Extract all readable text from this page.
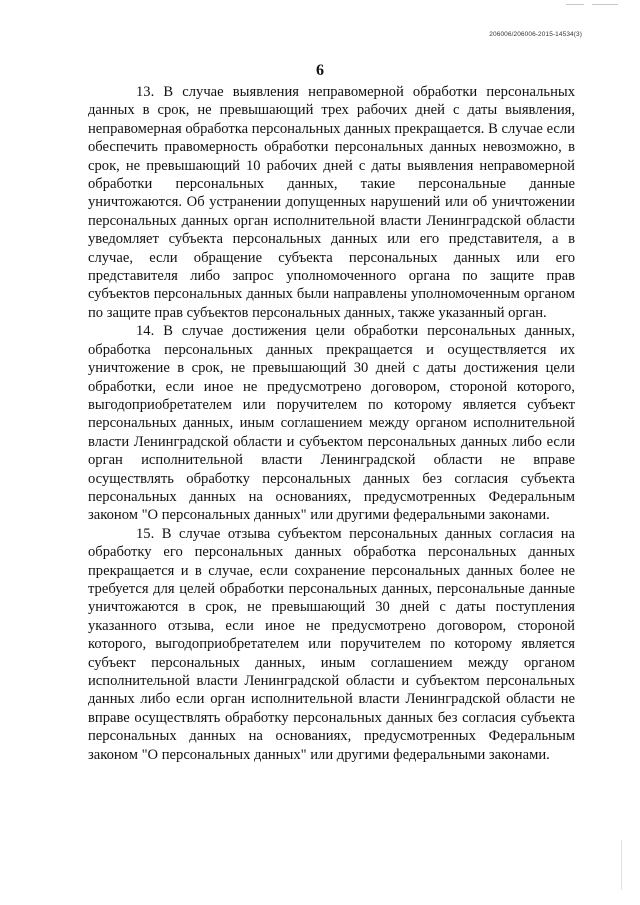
206006/206006-2015-14534(3)
6

13. В случае выявления неправомерной обработки персональных данных в срок, не превышающий трех рабочих дней с даты выявления, неправомерная обработка персональных данных прекращается. В случае если обеспечить правомерность обработки персональных данных невозможно, в срок, не превышающий 10 рабочих дней с даты выявления неправомерной обработки персональных данных, такие персональные данные уничтожаются. Об устранении допущенных нарушений или об уничтожении персональных данных орган исполнительной власти Ленинградской области уведомляет субъекта персональных данных или его представителя, а в случае, если обращение субъекта персональных данных или его представителя либо запрос уполномоченного органа по защите прав субъектов персональных данных были направлены уполномоченным органом по защите прав субъектов персональных данных, также указанный орган.

14. В случае достижения цели обработки персональных данных, обработка персональных данных прекращается и осуществляется их уничтожение в срок, не превышающий 30 дней с даты достижения цели обработки, если иное не предусмотрено договором, стороной которого, выгодоприобретателем или поручителем по которому является субъект персональных данных, иным соглашением между органом исполнительной власти Ленинградской области и субъектом персональных данных либо если орган исполнительной власти Ленинградской области не вправе осуществлять обработку персональных данных без согласия субъекта персональных данных на основаниях, предусмотренных Федеральным законом "О персональных данных" или другими федеральными законами.

15. В случае отзыва субъектом персональных данных согласия на обработку его персональных данных обработка персональных данных прекращается и в случае, если сохранение персональных данных более не требуется для целей обработки персональных данных, персональные данные уничтожаются в срок, не превышающий 30 дней с даты поступления указанного отзыва, если иное не предусмотрено договором, стороной которого, выгодоприобретателем или поручителем по которому является субъект персональных данных, иным соглашением между органом исполнительной власти Ленинградской области и субъектом персональных данных либо если орган исполнительной власти Ленинградской области не вправе осуществлять обработку персональных данных без согласия субъекта персональных данных на основаниях, предусмотренных Федеральным законом "О персональных данных" или другими федеральными законами.
